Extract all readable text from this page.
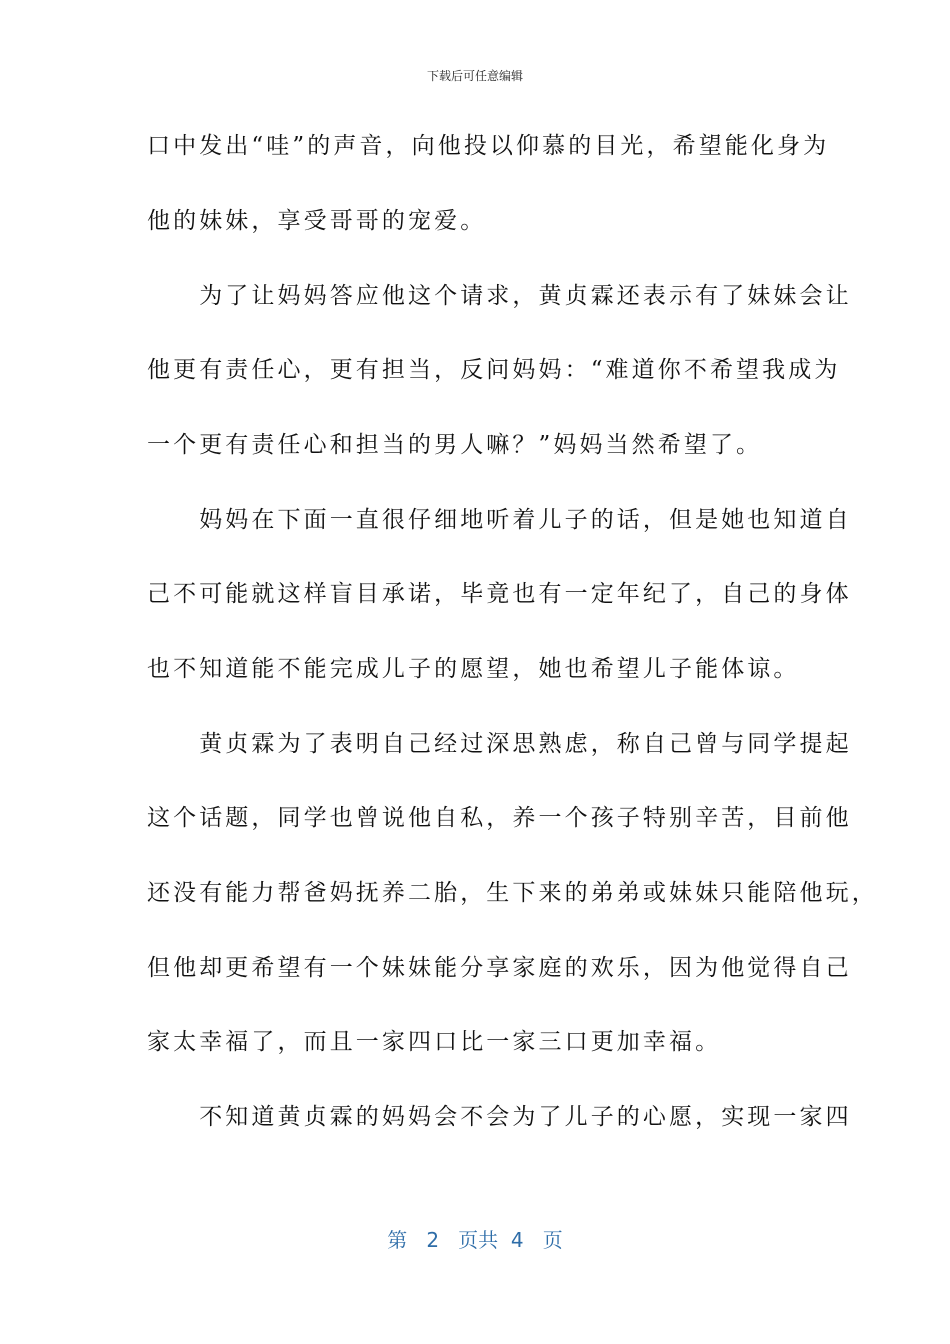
下载后可任意编辑
口中发出“哇”的声音，向他投以仰慕的目光，希望能化身为
他的妹妹，享受哥哥的宠爱。
　　为了让妈妈答应他这个请求，黄贞霖还表示有了妹妹会让
他更有责任心，更有担当，反问妈妈：“难道你不希望我成为
一个更有责任心和担当的男人嘛？”妈妈当然希望了。
　　妈妈在下面一直很仔细地听着儿子的话，但是她也知道自
己不可能就这样盲目承诺，毕竟也有一定年纪了，自己的身体
也不知道能不能完成儿子的愿望，她也希望儿子能体谅。
　　黄贞霖为了表明自己经过深思熟虑，称自己曾与同学提起
这个话题，同学也曾说他自私，养一个孩子特别辛苦，目前他
还没有能力帮爸妈抚养二胎，生下来的弟弟或妹妹只能陪他玩，
但他却更希望有一个妹妹能分享家庭的欢乐，因为他觉得自己
家太幸福了，而且一家四口比一家三口更加幸福。
　　不知道黄贞霖的妈妈会不会为了儿子的心愿，实现一家四
第 2 页共 4 页
